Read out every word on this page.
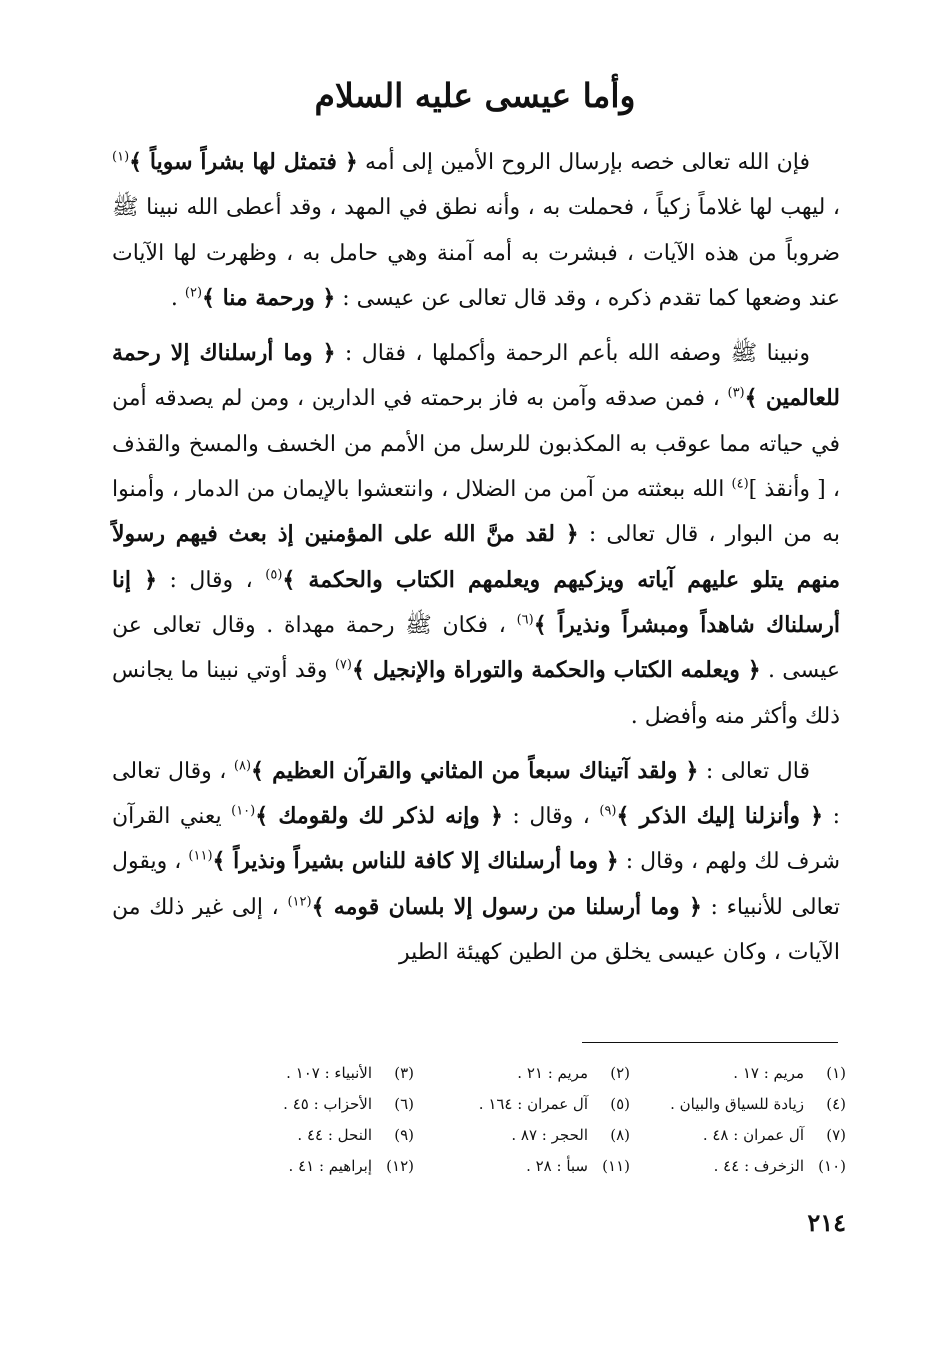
وأما عيسى عليه السلام

فإن الله تعالى خصه بإرسال الروح الأمين إلى أمه ﴿ فتمثل لها بشراً سوياً ﴾$^{(١)}$ ، ليهب لها غلاماً زكياً ، فحملت به ، وأنه نطق في المهد ، وقد أعطى الله نبينا ﷺ ضروباً من هذه الآيات ، فبشرت به أمه آمنة وهي حامل به ، وظهرت لها الآيات عند وضعها كما تقدم ذكره ، وقد قال تعالى عن عيسى : ﴿ ورحمة منا ﴾$^{(٢)}$ .

ونبينا ﷺ وصفه الله بأعم الرحمة وأكملها ، فقال : ﴿ وما أرسلناك إلا رحمة للعالمين ﴾$^{(٣)}$ ، فمن صدقه وآمن به فاز برحمته في الدارين ، ومن لم يصدقه أمن في حياته مما عوقب به المكذبون للرسل من الأمم من الخسف والمسخ والقذف ، [ وأنقذ ]$^{(٤)}$ الله ببعثته من آمن من الضلال ، وانتعشوا بالإيمان من الدمار ، وأمنوا به من البوار ، قال تعالى : ﴿ لقد منَّ الله على المؤمنين إذ بعث فيهم رسولاً منهم يتلو عليهم آياته ويزكيهم ويعلمهم الكتاب والحكمة ﴾$^{(٥)}$ ، وقال : ﴿ إنا أرسلناك شاهداً ومبشراً ونذيراً ﴾$^{(٦)}$ ، فكان ﷺ رحمة مهداة . وقال تعالى عن عيسى . ﴿ ويعلمه الكتاب والحكمة والتوراة والإنجيل ﴾$^{(٧)}$ وقد أوتي نبينا ما يجانس ذلك وأكثر منه وأفضل .

قال تعالى : ﴿ ولقد آتيناك سبعاً من المثاني والقرآن العظيم ﴾$^{(٨)}$ ، وقال تعالى : ﴿ وأنزلنا إليك الذكر ﴾$^{(٩)}$ ، وقال : ﴿ وإنه لذكر لك ولقومك ﴾$^{(١٠)}$ يعني القرآن شرف لك ولهم ، وقال : ﴿ وما أرسلناك إلا كافة للناس بشيراً ونذيراً ﴾$^{(١١)}$ ، ويقول تعالى للأنبياء : ﴿ وما أرسلنا من رسول إلا بلسان قومه ﴾$^{(١٢)}$ ، إلى غير ذلك من الآيات ، وكان عيسى يخلق من الطين كهيئة الطير

(١)مريم : ١٧ .
(٢)مريم : ٢١ .
(٣)الأنبياء : ١٠٧ .
(٤)زيادة للسياق والبيان .
(٥)آل عمران : ١٦٤ .
(٦)الأحزاب : ٤٥ .
(٧)آل عمران : ٤٨ .
(٨)الحجر : ٨٧ .
(٩)النحل : ٤٤ .
(١٠)الزخرف : ٤٤ .
(١١)سبأ : ٢٨ .
(١٢)إبراهيم : ٤١ .
٢١٤
